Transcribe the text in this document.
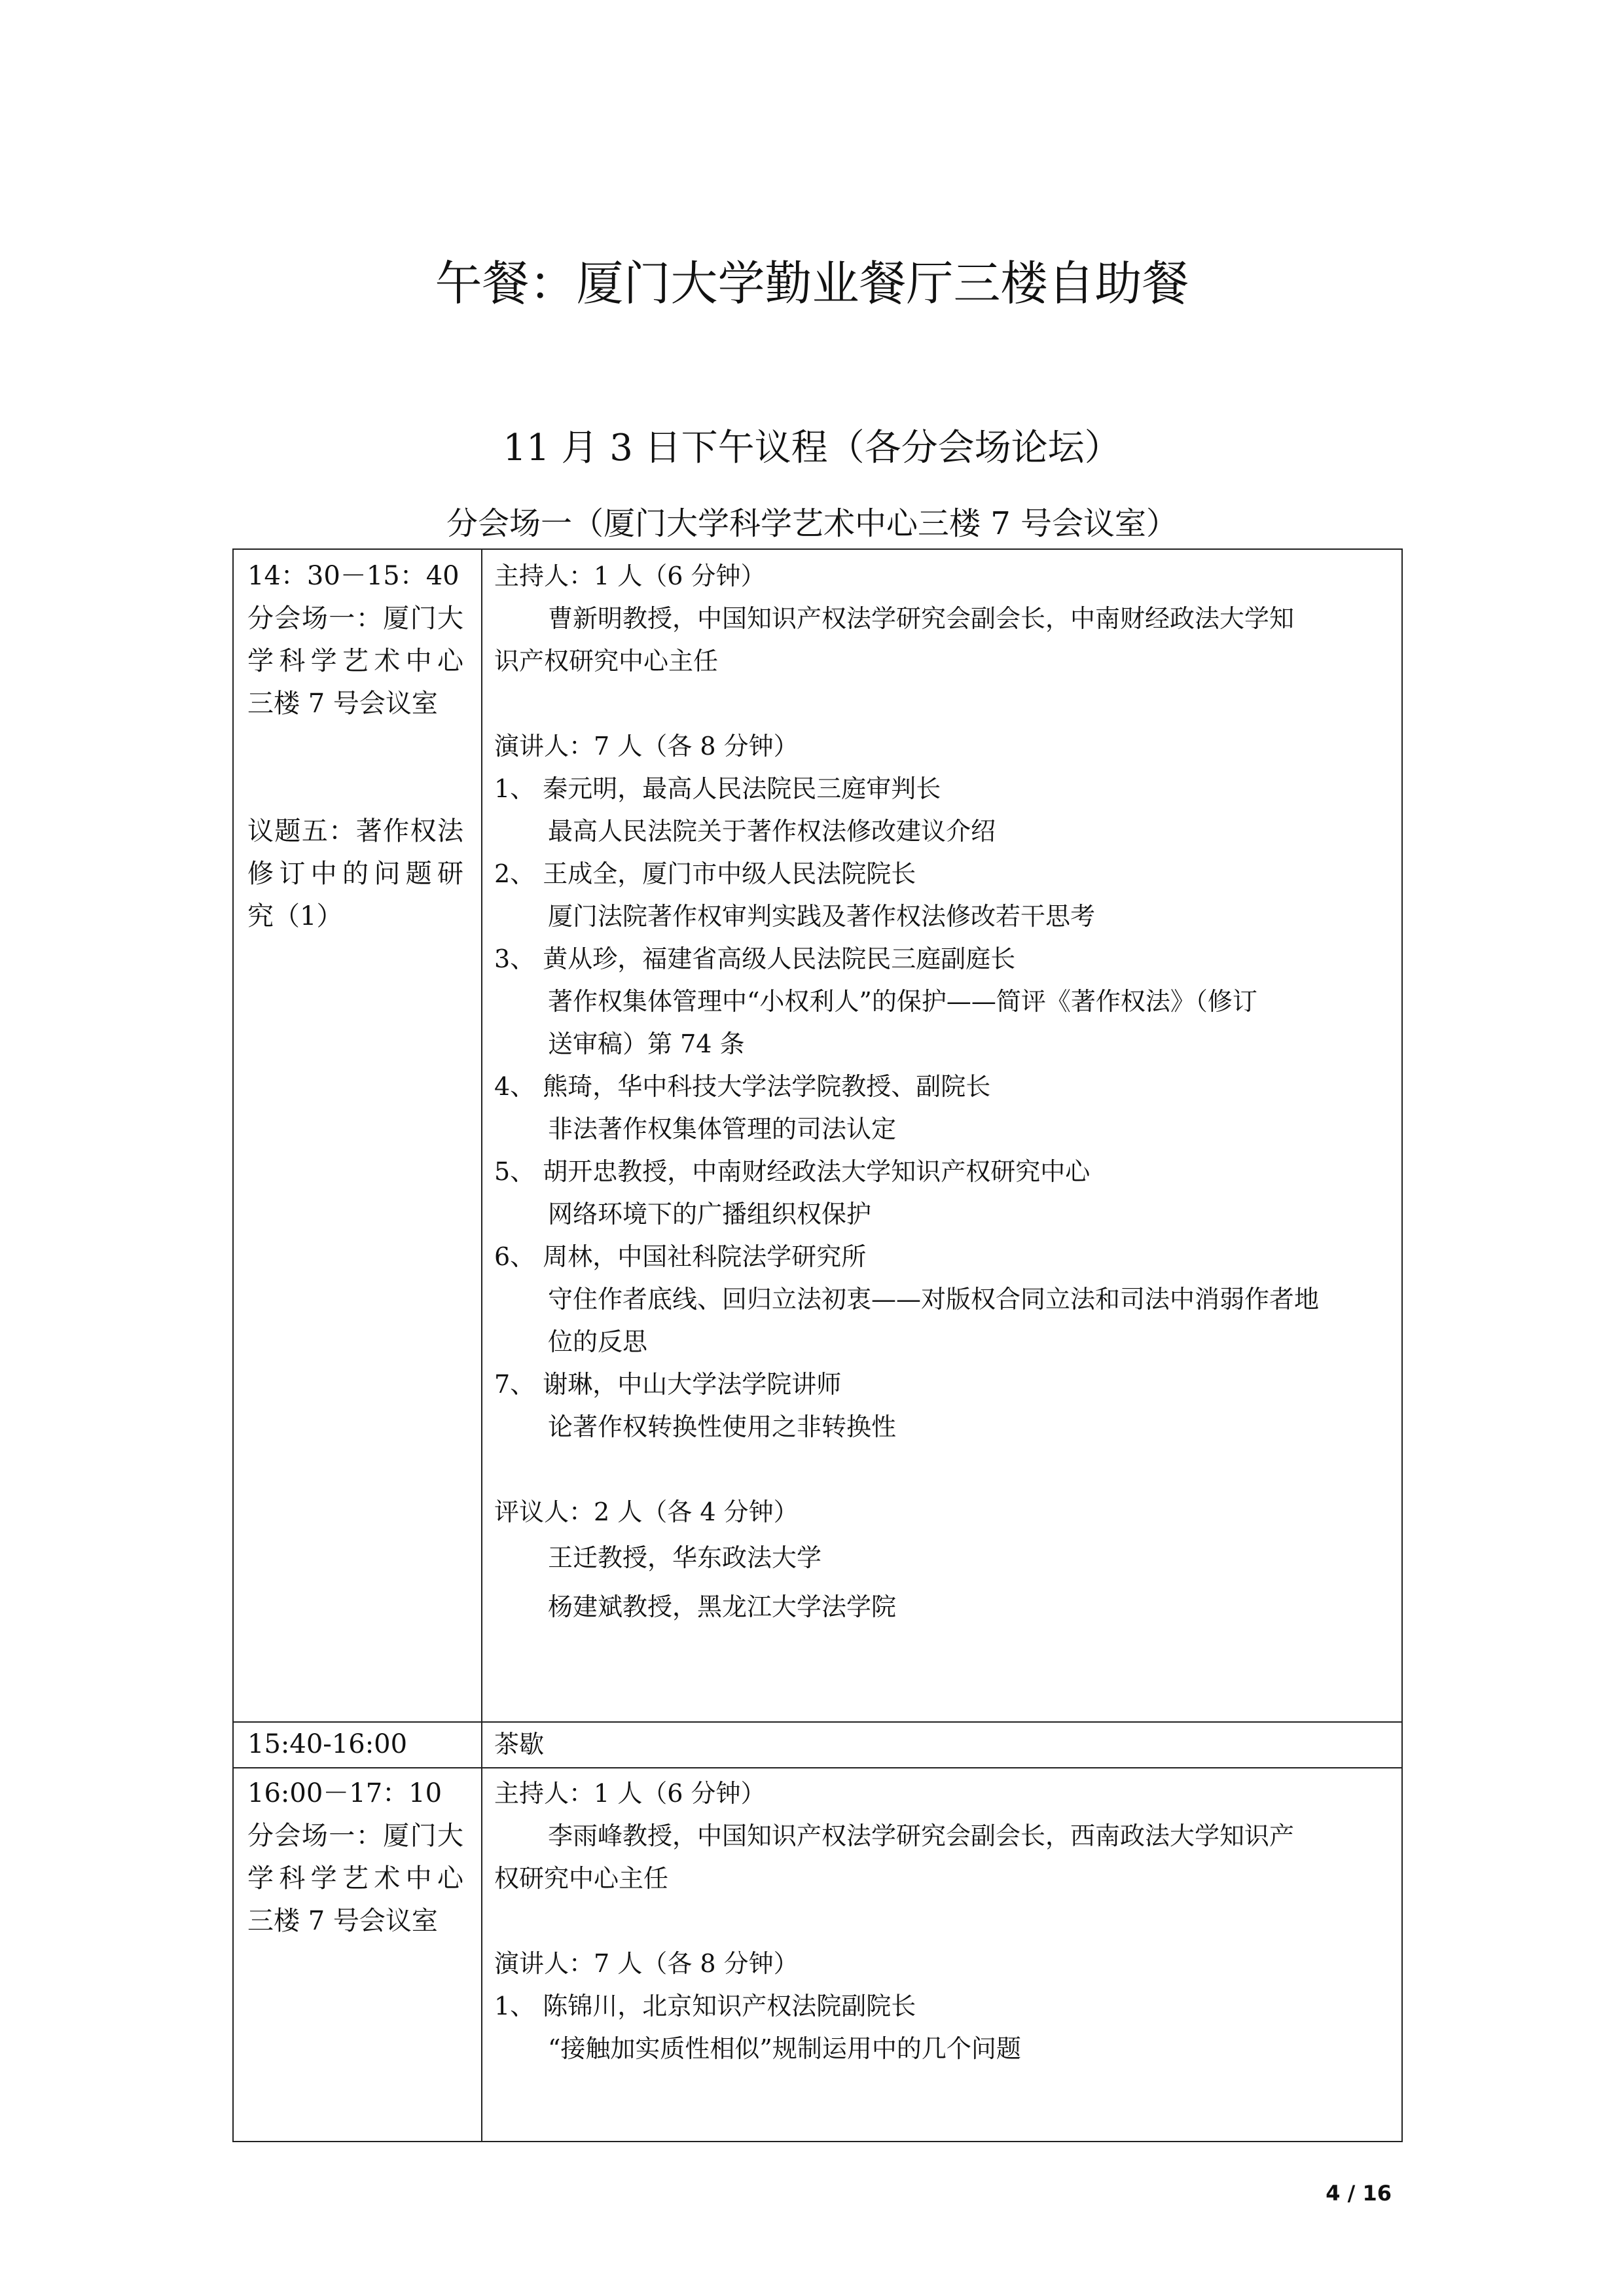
午餐：厦门大学勤业餐厅三楼自助餐
11 月 3 日下午议程（各分会场论坛）
分会场一（厦门大学科学艺术中心三楼 7 号会议室）
14：30－15：40
分会场一：厦门大
学科学艺术中心
三楼 7 号会议室
议题五：著作权法
修订中的问题研
究（1）
主持人：1 人（6 分钟）
曹新明教授，中国知识产权法学研究会副会长，中南财经政法大学知
识产权研究中心主任
演讲人：7 人（各 8 分钟）
1、 秦元明，最高人民法院民三庭审判长
最高人民法院关于著作权法修改建议介绍
2、 王成全，厦门市中级人民法院院长
厦门法院著作权审判实践及著作权法修改若干思考
3、 黄从珍，福建省高级人民法院民三庭副庭长
著作权集体管理中“小权利人”的保护——简评《著作权法》（修订
送审稿）第 74 条
4、 熊琦，华中科技大学法学院教授、副院长
非法著作权集体管理的司法认定
5、 胡开忠教授，中南财经政法大学知识产权研究中心
网络环境下的广播组织权保护
6、 周林，中国社科院法学研究所
守住作者底线、回归立法初衷——对版权合同立法和司法中消弱作者地
位的反思
7、 谢琳，中山大学法学院讲师
论著作权转换性使用之非转换性
评议人：2 人（各 4 分钟）
王迁教授，华东政法大学
杨建斌教授，黑龙江大学法学院
15:40-16:00	茶歇
16:00－17：10
分会场一：厦门大
学科学艺术中心
三楼 7 号会议室
主持人：1 人（6 分钟）
李雨峰教授，中国知识产权法学研究会副会长，西南政法大学知识产
权研究中心主任
演讲人：7 人（各 8 分钟）
1、 陈锦川，北京知识产权法院副院长
“接触加实质性相似”规制运用中的几个问题
4 / 16
